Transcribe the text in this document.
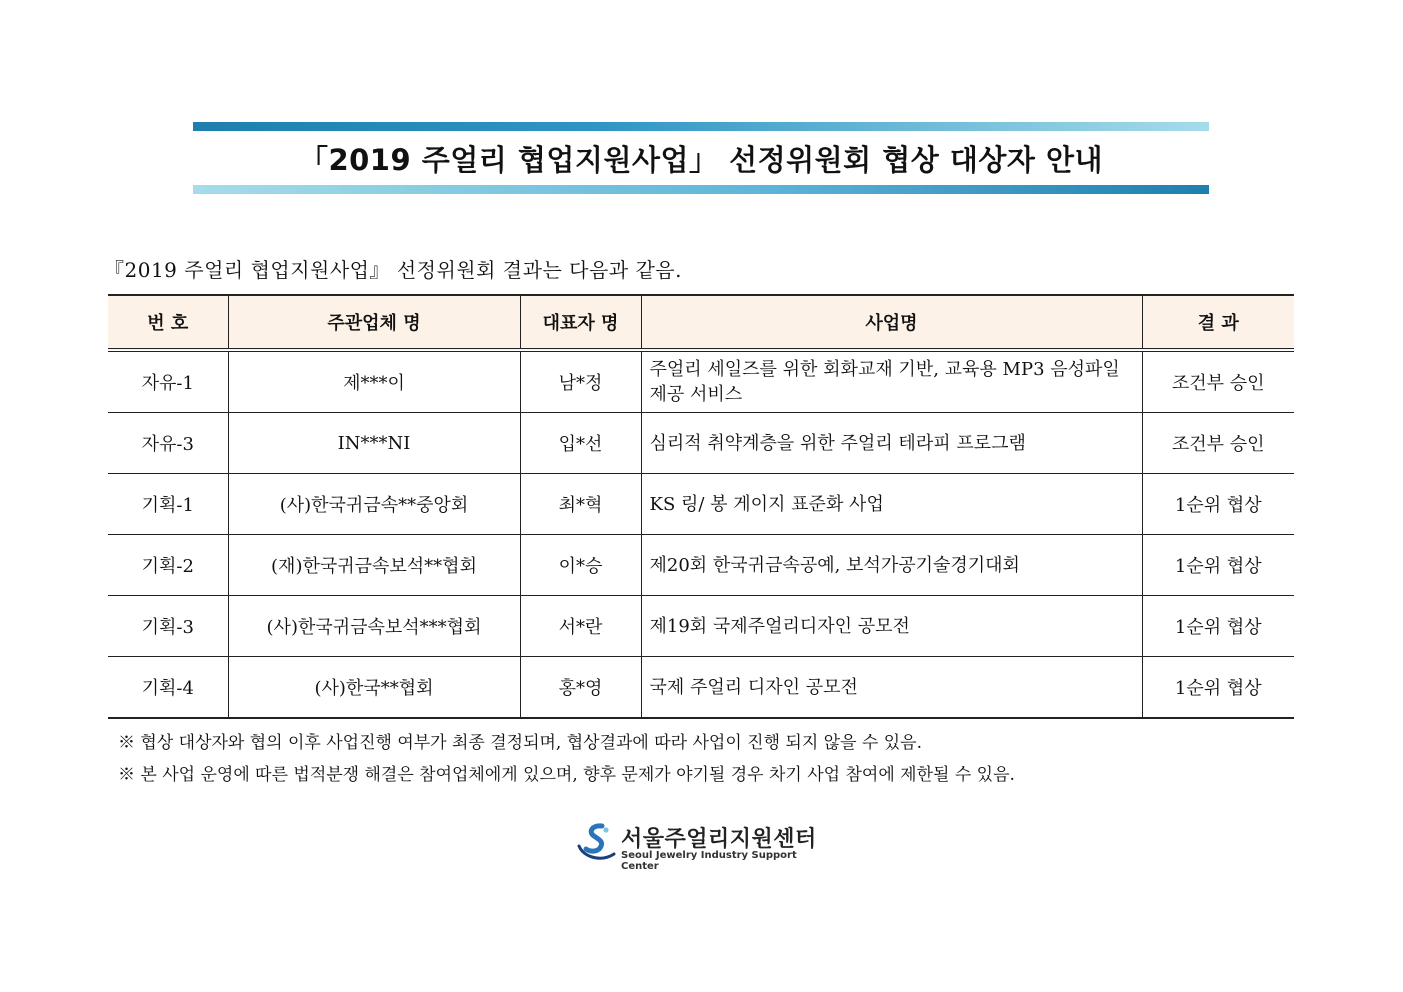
「2019 주얼리 협업지원사업」 선정위원회 협상 대상자 안내
『2019 주얼리 협업지원사업』 선정위원회 결과는 다음과 같음.
번 호	주관업체 명	대표자 명	사업명	결 과
자유-1	제***이	남*정	주얼리 세일즈를 위한 회화교재 기반, 교육용 MP3 음성파일 제공 서비스	조건부 승인
자유-3	IN***NI	입*선	심리적 취약계층을 위한 주얼리 테라피 프로그램	조건부 승인
기획-1	(사)한국귀금속**중앙회	최*혁	KS 링/ 봉 게이지 표준화 사업	1순위 협상
기획-2	(재)한국귀금속보석**협회	이*승	제20회 한국귀금속공예, 보석가공기술경기대회	1순위 협상
기획-3	(사)한국귀금속보석***협회	서*란	제19회 국제주얼리디자인 공모전	1순위 협상
기획-4	(사)한국**협회	홍*영	국제 주얼리 디자인 공모전	1순위 협상
※ 협상 대상자와 협의 이후 사업진행 여부가 최종 결정되며, 협상결과에 따라 사업이 진행 되지 않을 수 있음.
※ 본 사업 운영에 따른 법적분쟁 해결은 참여업체에게 있으며, 향후 문제가 야기될 경우 차기 사업 참여에 제한될 수 있음.
서울주얼리지원센터
Seoul Jewelry Industry Support Center
